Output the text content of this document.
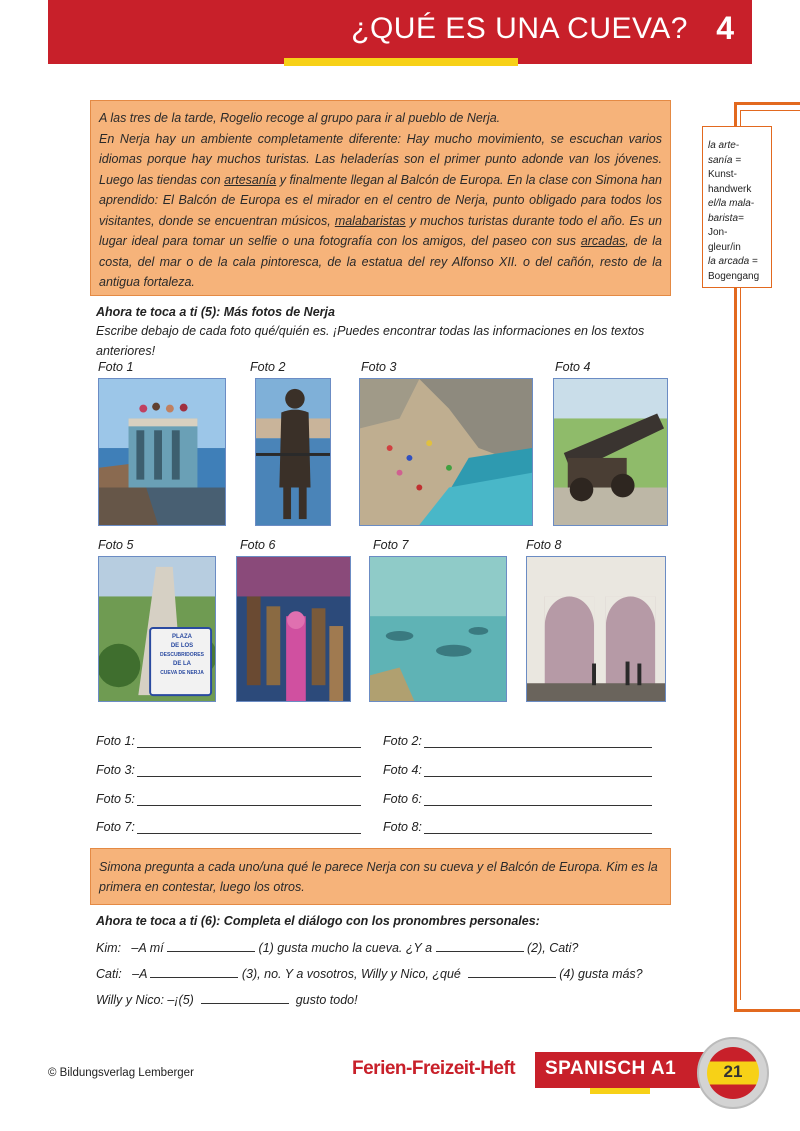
¿QUÉ ES UNA CUEVA? 4
la arte-
sanía =
Kunst-
handwerk
el/la mala-
barista=
Jon-
gleur/in
la arcada =
Bogengang

A las tres de la tarde, Rogelio recoge al grupo para ir al pueblo de Nerja.

En Nerja hay un ambiente completamente diferente: Hay mucho movimiento, se escuchan varios idiomas porque hay muchos turistas. Las heladerías son el primer punto adonde van los jóvenes. Luego las tiendas con artesanía y finalmente llegan al Balcón de Europa. En la clase con Simona han aprendido: El Balcón de Europa es el mirador en el centro de Nerja, punto obligado para todos los visitantes, donde se encuentran músicos, malabaristas y muchos turistas durante todo el año. Es un lugar ideal para tomar un selfie o una fotografía con los amigos, del paseo con sus arcadas, de la costa, del mar o de la cala pintoresca, de la estatua del rey Alfonso XII. o del cañón, resto de la antigua fortaleza.

Ahora te toca a ti (5): Más fotos de Nerja
Escribe debajo de cada foto qué/quién es. ¡Puedes encontrar todas las informaciones en los textos anteriores!
Foto 1	Foto 2	Foto 3	Foto 4
Foto 5	Foto 6	Foto 7	Foto 8
PLAZA
DE LOS
DESCUBRIDORES
DE LA
CUEVA DE NERJA
Foto 1:	Foto 2:
Foto 3:	Foto 4:
Foto 5:	Foto 6:
Foto 7:	Foto 8:
Simona pregunta a cada uno/una qué le parece Nerja con su cueva y el Balcón de Europa. Kim es la primera en contestar, luego los otros.
Ahora te toca a ti (6): Completa el diálogo con los pronombres personales:
Kim:   –A mí	(1) gusta mucho la cueva. ¿Y a	(2), Cati?
Cati:   –A	(3), no. Y a vosotros, Willy y Nico, ¿qué	(4) gusta más?
Willy y Nico: –¡(5)	gusto todo!
© Bildungsverlag Lemberger	Ferien-Freizeit-Heft SPANISCH A1	21
